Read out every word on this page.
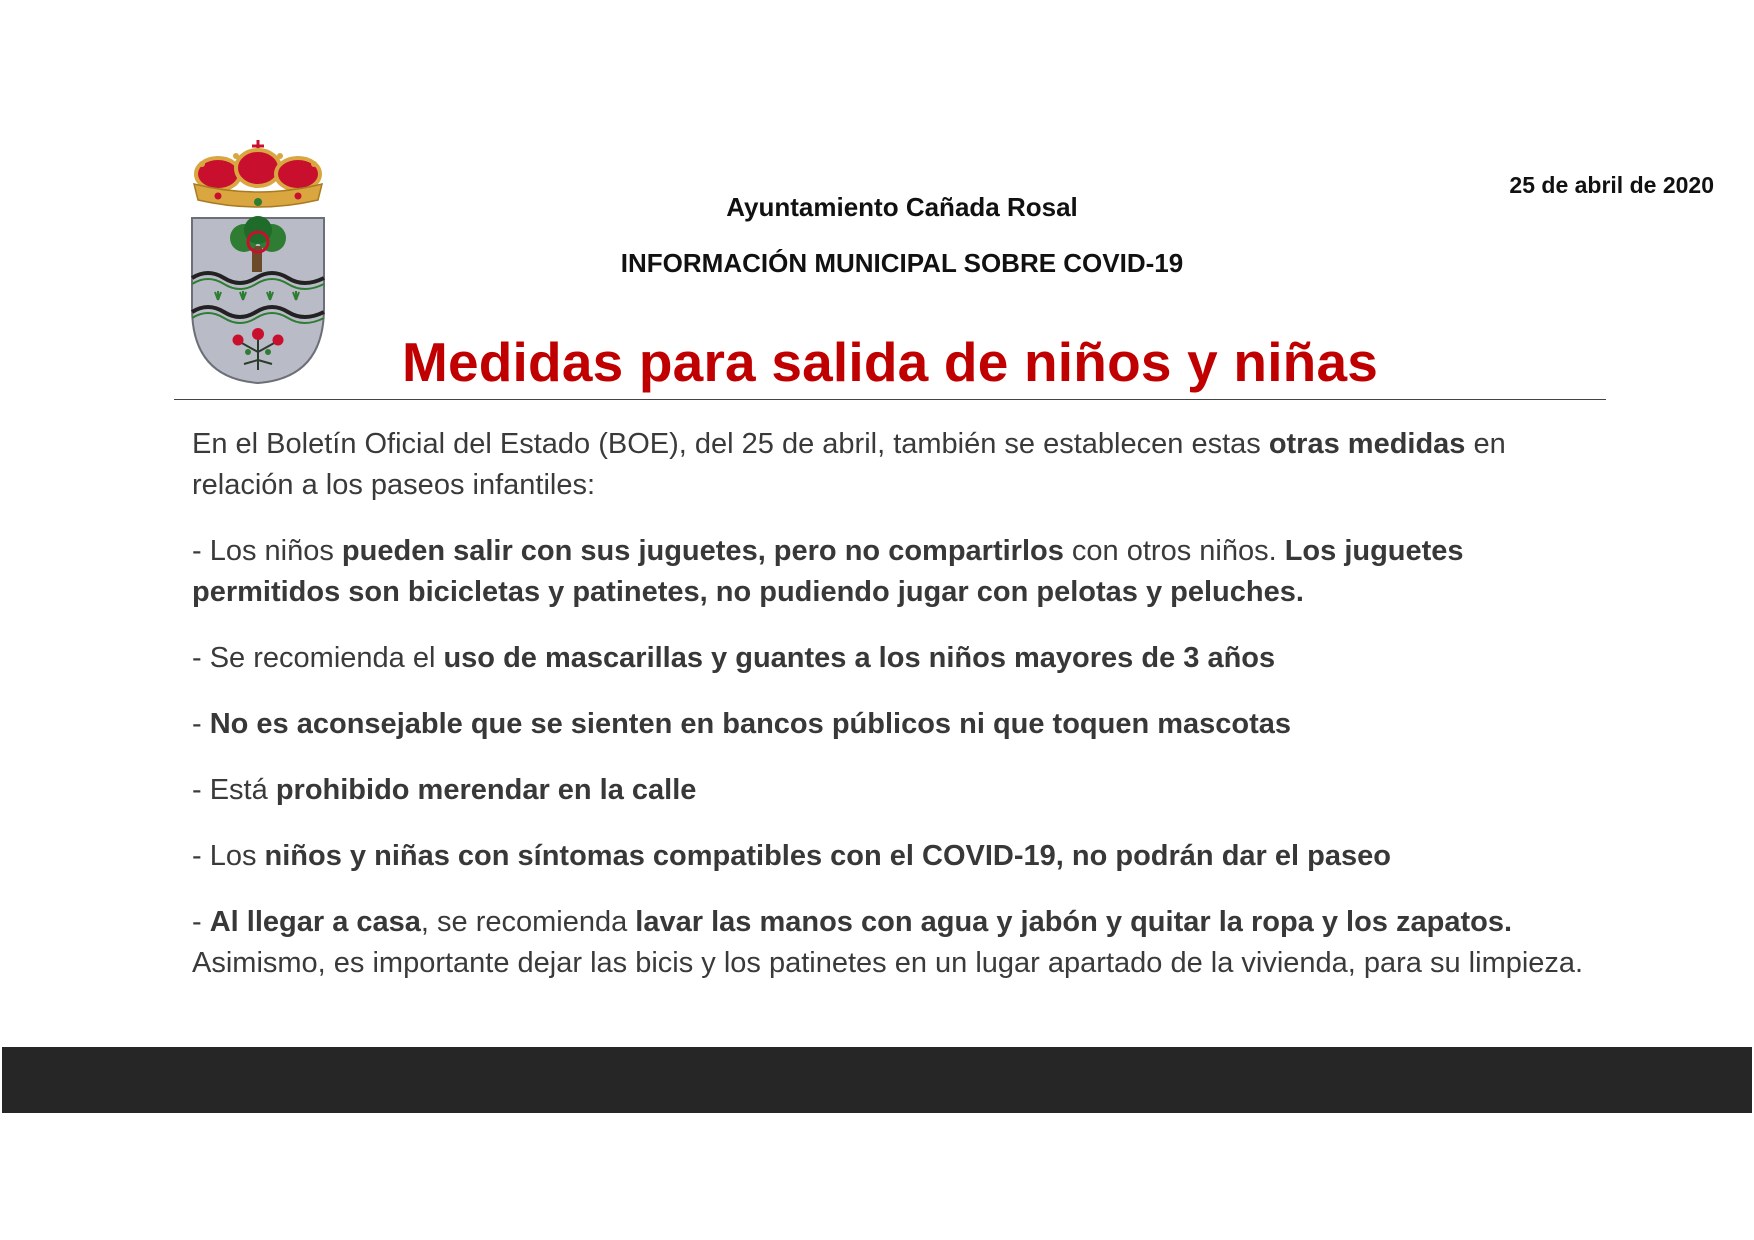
25 de abril de 2020
Ayuntamiento Cañada Rosal
INFORMACIÓN MUNICIPAL SOBRE COVID-19
Medidas para salida de niños y niñas

En el Boletín Oficial del Estado (BOE), del 25 de abril, también se establecen estas otras medidas en relación a los paseos infantiles:

- Los niños pueden salir con sus juguetes, pero no compartirlos con otros niños. Los juguetes permitidos son bicicletas y patinetes, no pudiendo jugar con pelotas y peluches.

- Se recomienda el uso de mascarillas y guantes a los niños mayores de 3 años

- No es aconsejable que se sienten en bancos públicos ni que toquen mascotas

- Está prohibido merendar en la calle

- Los niños y niñas con síntomas compatibles con el COVID-19, no podrán dar el paseo

- Al llegar a casa, se recomienda lavar las manos con agua y jabón y quitar la ropa y los zapatos. Asimismo, es importante dejar las bicis y los patinetes en un lugar apartado de la vivienda, para su limpieza.
